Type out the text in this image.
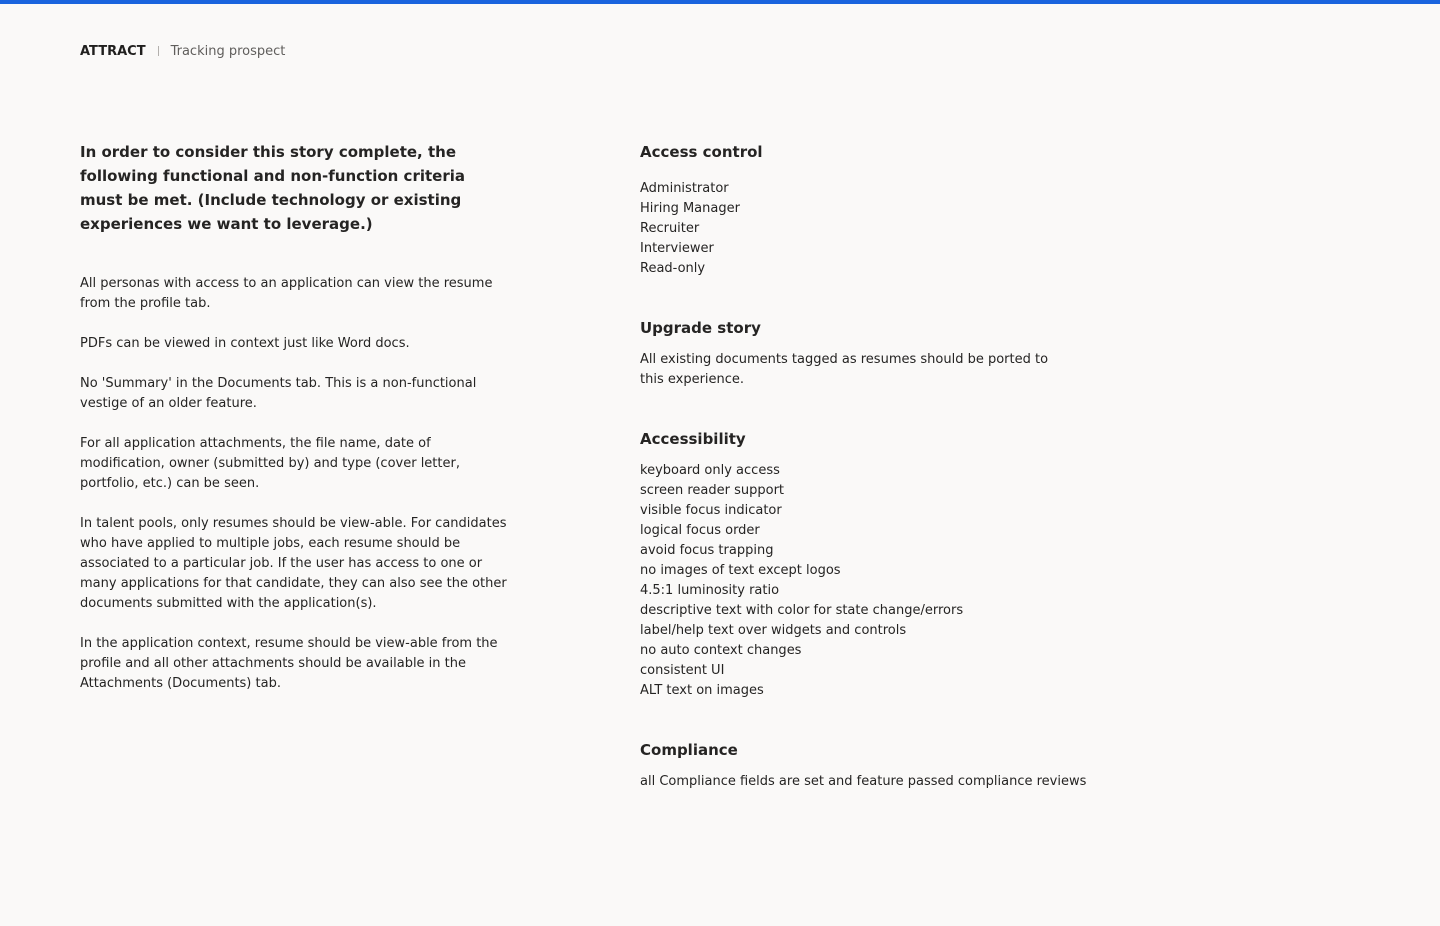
ATTRACT Tracking prospect

In order to consider this story complete, the following functional and non-function criteria must be met. (Include technology or existing experiences we want to leverage.)

All personas with access to an application can view the resume from the profile tab.
PDFs can be viewed in context just like Word docs.
No 'Summary' in the Documents tab. This is a non-functional vestige of an older feature.
For all application attachments, the file name, date of modification, owner (submitted by) and type (cover letter, portfolio, etc.) can be seen.
In talent pools, only resumes should be view-able. For candidates who have applied to multiple jobs, each resume should be associated to a particular job. If the user has access to one or many applications for that candidate, they can also see the other documents submitted with the application(s).
In the application context, resume should be view-able from the profile and all other attachments should be available in the Attachments (Documents) tab.
Access control
Administrator
Hiring Manager
Recruiter
Interviewer
Read-only
Upgrade story

All existing documents tagged as resumes should be ported to this experience.

Accessibility
keyboard only access
screen reader support
visible focus indicator
logical focus order
avoid focus trapping
no images of text except logos
4.5:1 luminosity ratio
descriptive text with color for state change/errors
label/help text over widgets and controls
no auto context changes
consistent UI
ALT text on images
Compliance

all Compliance fields are set and feature passed compliance reviews
